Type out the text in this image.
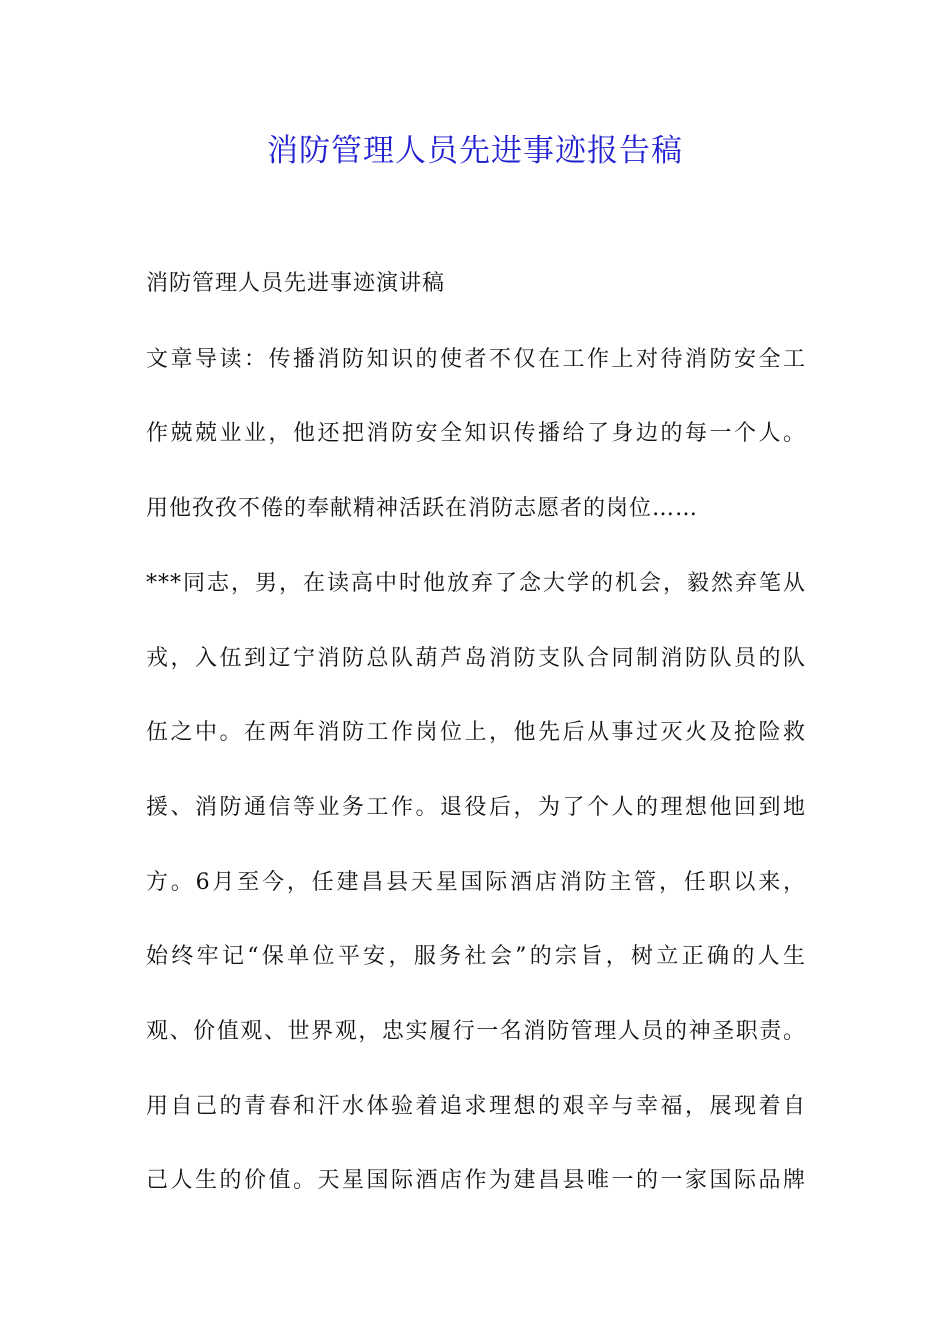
消防管理人员先进事迹报告稿
消防管理人员先进事迹演讲稿
文章导读：传播消防知识的使者不仅在工作上对待消防安全工
作兢兢业业，他还把消防安全知识传播给了身边的每一个人。
用他孜孜不倦的奉献精神活跃在消防志愿者的岗位……
***同志，男，在读高中时他放弃了念大学的机会，毅然弃笔从
戎，入伍到辽宁消防总队葫芦岛消防支队合同制消防队员的队
伍之中。在两年消防工作岗位上，他先后从事过灭火及抢险救
援、消防通信等业务工作。退役后，为了个人的理想他回到地
方。6月至今，任建昌县天星国际酒店消防主管，任职以来，
始终牢记“保单位平安，服务社会”的宗旨，树立正确的人生
观、价值观、世界观，忠实履行一名消防管理人员的神圣职责。
用自己的青春和汗水体验着追求理想的艰辛与幸福，展现着自
己人生的价值。天星国际酒店作为建昌县唯一的一家国际品牌
